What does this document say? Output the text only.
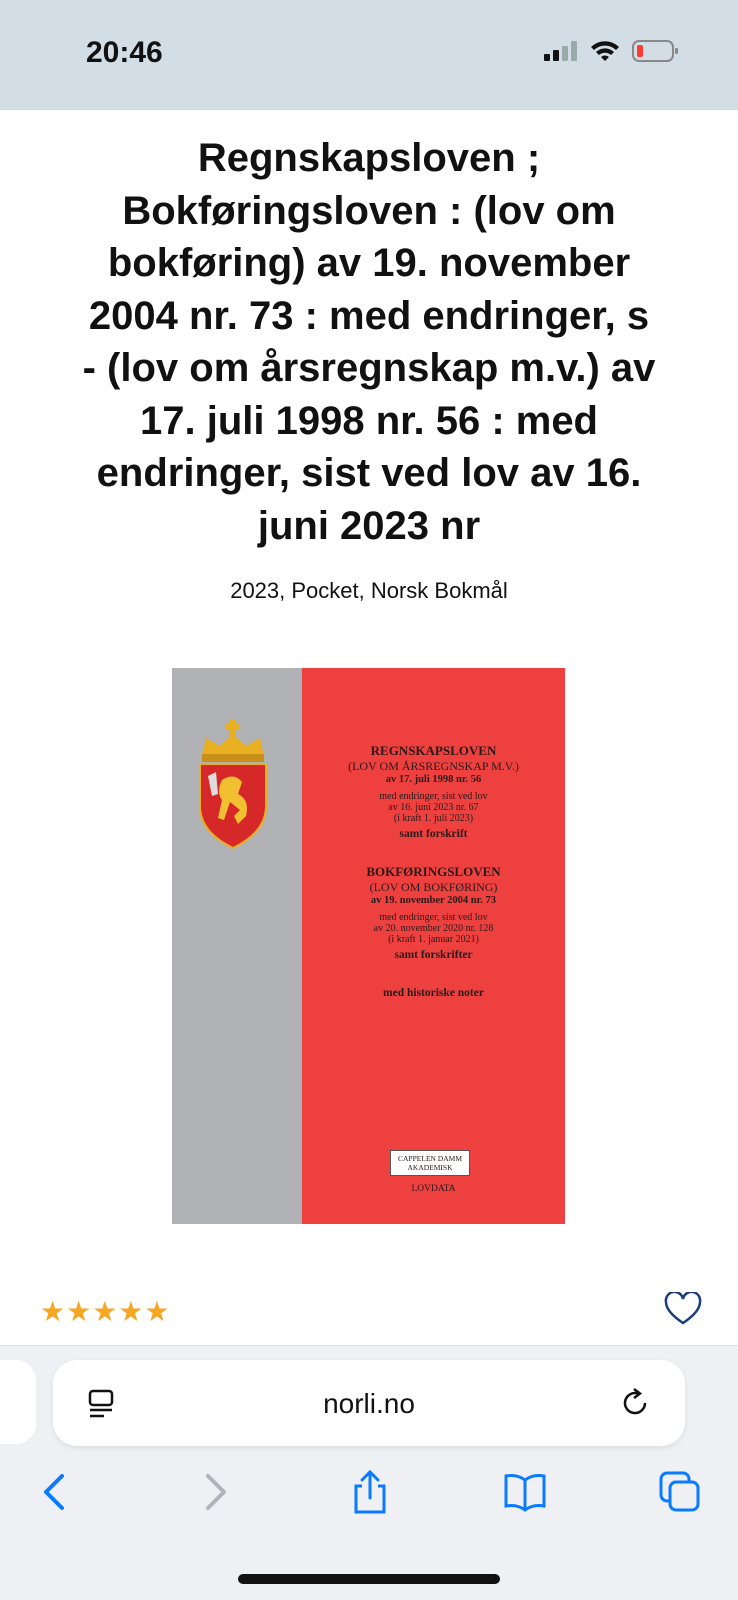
20:46
Regnskapsloven ;
Bokføringsloven : (lov om
bokføring) av 19. november
2004 nr. 73 : med endringer, s
- (lov om årsregnskap m.v.) av
17. juli 1998 nr. 56 : med
endringer, sist ved lov av 16.
juni 2023 nr
2023, Pocket, Norsk Bokmål
REGNSKAPSLOVEN
(LOV OM ÅRSREGNSKAP M.V.)
av 17. juli 1998 nr. 56
med endringer, sist ved lov
av 16. juni 2023 nr. 67
(i kraft 1. juli 2023)
samt forskrift
BOKFØRINGSLOVEN
(LOV OM BOKFØRING)
av 19. november 2004 nr. 73
med endringer, sist ved lov
av 20. november 2020 nr. 128
(i kraft 1. januar 2021)
samt forskrifter
med historiske noter
CAPPELEN DAMM
AKADEMISK
LOVDATA
★★★★★
norli.no
